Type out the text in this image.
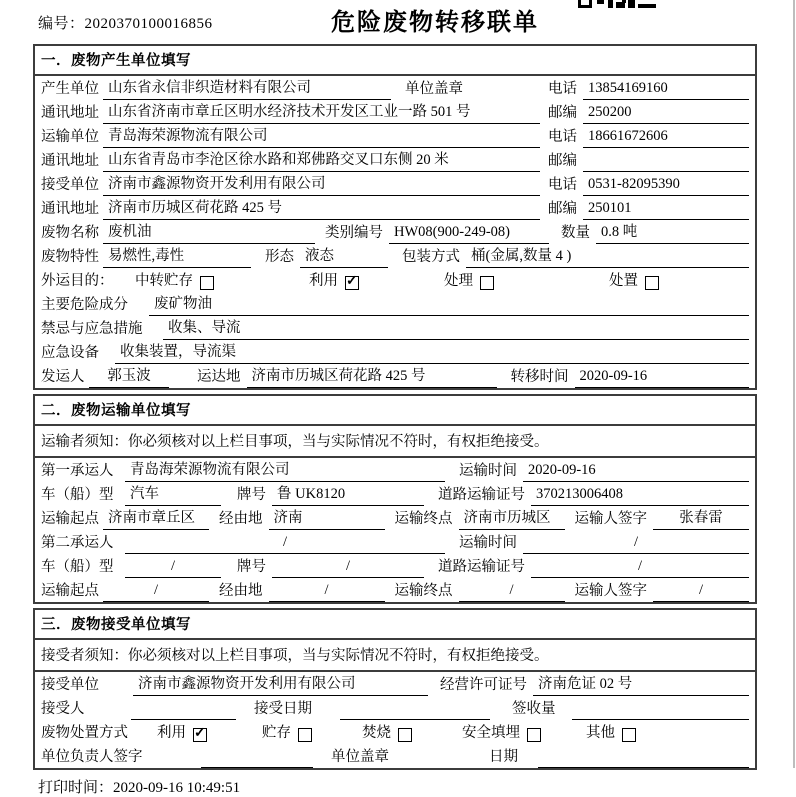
编号：2020370100016856	危险废物转移联单
一．废物产生单位填写
产生单位 山东省永信非织造材料有限公司	单位盖章	电话 13854169160
通讯地址 山东省济南市章丘区明水经济技术开发区工业一路 501 号	邮编 250200
运输单位 青岛海荣源物流有限公司	电话 18661672606
通讯地址 山东省青岛市李沧区徐水路和郑佛路交叉口东侧 20 米	邮编
接受单位 济南市鑫源物资开发利用有限公司	电话 0531-82095390
通讯地址 济南市历城区荷花路 425 号	邮编 250101
废物名称 废机油	类别编号 HW08(900-249-08)	数量 0.8 吨
废物特性 易燃性,毒性	形态 液态	包装方式 桶(金属,数量 4 )
外运目的：	中转贮存	利用 ✓	处理	处置
主要危险成分	废矿物油
禁忌与应急措施	收集、导流
应急设备	收集装置，导流渠
发运人	郭玉波	运达地 济南市历城区荷花路 425 号	转移时间 2020-09-16
二．废物运输单位填写
运输者须知：你必须核对以上栏目事项，当与实际情况不符时，有权拒绝接受。
第一承运人	青岛海荣源物流有限公司	运输时间 2020-09-16
车（船）型	汽车	牌号 鲁 UK8120	道路运输证号 370213006408
运输起点 济南市章丘区	经由地 济南	运输终点 济南市历城区	运输人签字	张春雷
第二承运人	/	运输时间	/
车（船）型	/	牌号	/	道路运输证号	/
运输起点	/	经由地	/	运输终点	/	运输人签字	/
三．废物接受单位填写
接受者须知：你必须核对以上栏目事项，当与实际情况不符时，有权拒绝接受。
接受单位	济南市鑫源物资开发利用有限公司	经营许可证号 济南危证 02 号
接受人	接受日期	签收量
废物处置方式	利用 ✓	贮存	焚烧	安全填埋	其他
单位负责人签字	单位盖章	日期
打印时间：2020-09-16 10:49:51
